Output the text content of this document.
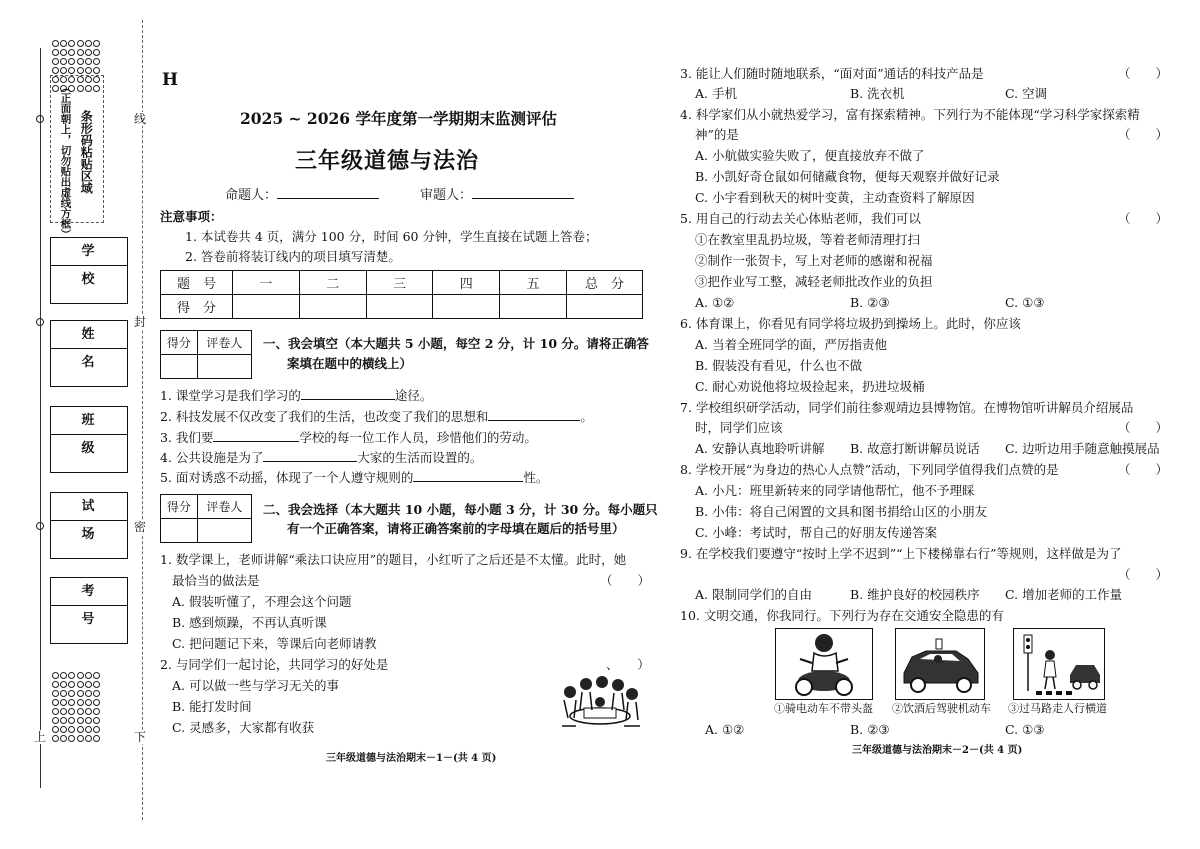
条形码粘贴区域
（正面朝上，切勿贴出虚线方框）
学 校
姓 名
班 级
试 场
考 号
线
封
密
下
上
H
2025 ~ 2026 学年度第一学期期末监测评估
三年级道德与法治
命题人：	审题人：
注意事项：
1. 本试卷共 4 页，满分 100 分，时间 60 分钟，学生直接在试题上答卷；
2. 答卷前将装订线内的项目填写清楚。
题　号	一	二	三	四	五	总　分
得　分						
得分	评卷人
	一、我会填空（本大题共 5 小题，每空 2 分，计 10 分。请将正确答
案填在题中的横线上）
1. 课堂学习是我们学习的	途径。
2. 科技发展不仅改变了我们的生活，也改变了我们的思想和	。
3. 我们要	学校的每一位工作人员，珍惜他们的劳动。
4. 公共设施是为了	大家的生活而设置的。
5. 面对诱惑不动摇，体现了一个人遵守规则的	性。
得分	评卷人
	二、我会选择（本大题共 10 小题，每小题 3 分，计 30 分。每小题只
有一个正确答案，请将正确答案前的字母填在题后的括号里）
1. 数学课上，老师讲解“乘法口诀应用”的题目，小红听了之后还是不太懂。此时，她
最恰当的做法是	（　　）
A. 假装听懂了，不理会这个问题
B. 感到烦躁，不再认真听课
C. 把问题记下来，等课后向老师请教
2. 与同学们一起讨论，共同学习的好处是	、　　）
A. 可以做一些与学习无关的事
B. 能打发时间
C. 灵感多，大家都有收获
三年级道德与法治期末－1－(共 4 页)
3. 能让人们随时随地联系，“面对面”通话的科技产品是	（　　）
A. 手机	B. 洗衣机	C. 空调
4. 科学家们从小就热爱学习，富有探索精神。下列行为不能体现“学习科学家探索精
神”的是	（　　）
A. 小航做实验失败了，便直接放弃不做了
B. 小凯好奇仓鼠如何储藏食物，便每天观察并做好记录
C. 小宇看到秋天的树叶变黄，主动查资料了解原因
5. 用自己的行动去关心体贴老师，我们可以	（　　）
①在教室里乱扔垃圾，等着老师清理打扫
②制作一张贺卡，写上对老师的感谢和祝福
③把作业写工整，减轻老师批改作业的负担
A. ①②	B. ②③	C. ①③
6. 体育课上，你看见有同学将垃圾扔到操场上。此时，你应该
A. 当着全班同学的面，严厉指责他
B. 假装没有看见，什么也不做
C. 耐心劝说他将垃圾捡起来，扔进垃圾桶
7. 学校组织研学活动，同学们前往参观靖边县博物馆。在博物馆听讲解员介绍展品
时，同学们应该	（　　）
A. 安静认真地聆听讲解 B. 故意打断讲解员说话 C. 边听边用手随意触摸展品
8. 学校开展“为身边的热心人点赞”活动，下列同学值得我们点赞的是	（　　）
A. 小凡：班里新转来的同学请他帮忙，他不予理睬
B. 小伟：将自己闲置的文具和图书捐给山区的小朋友
C. 小峰：考试时，帮自己的好朋友传递答案
9. 在学校我们要遵守“按时上学不迟到”“上下楼梯靠右行”等规则，这样做是为了
（　　）
A. 限制同学们的自由	B. 维护良好的校园秩序 C. 增加老师的工作量
10. 文明交通，你我同行。下列行为存在交通安全隐患的有
①骑电动车不带头盔 ②饮酒后驾驶机动车 ③过马路走人行横道
A. ①②	B. ②③	C. ①③
三年级道德与法治期末－2－(共 4 页)
